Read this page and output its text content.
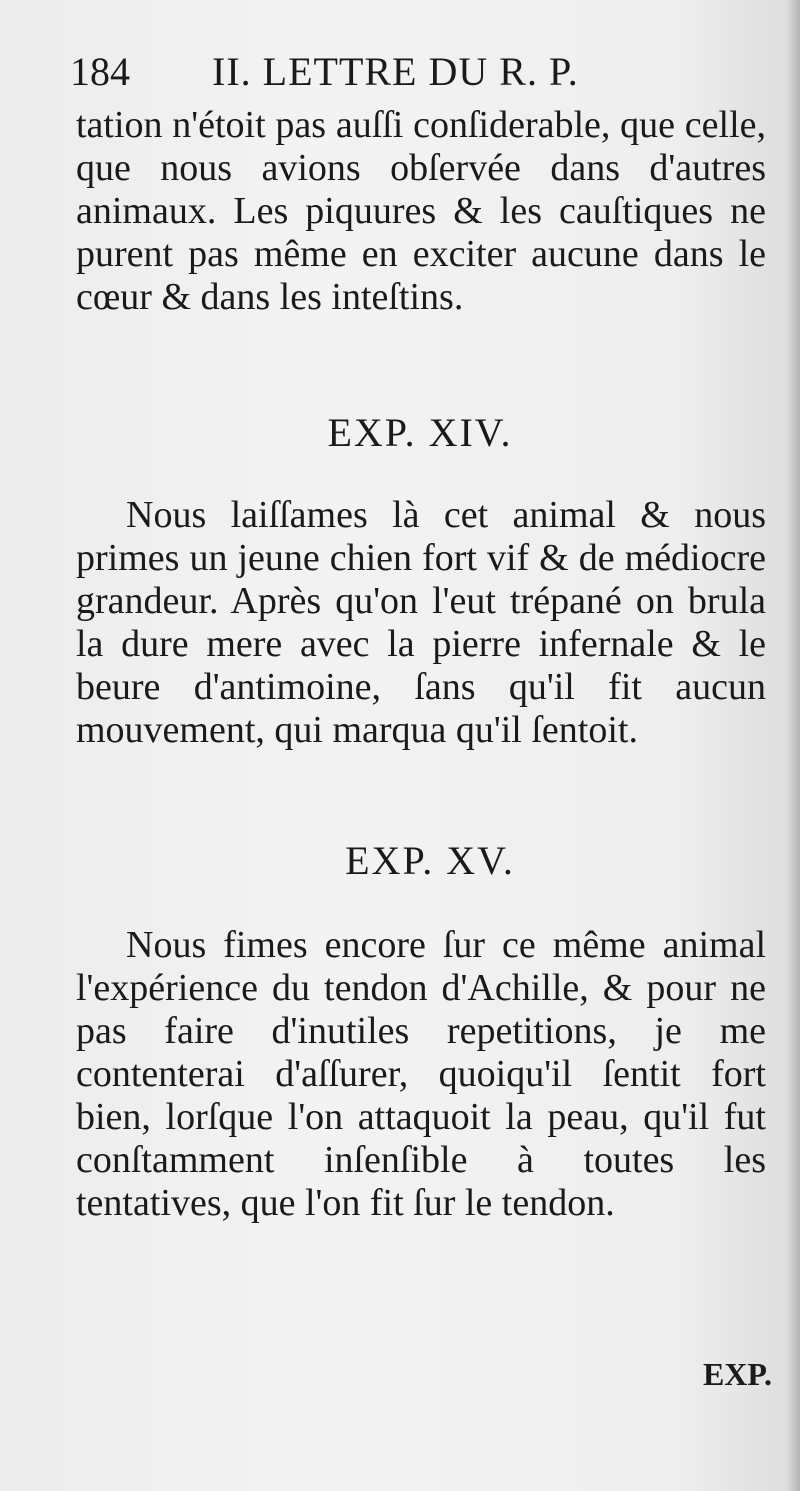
184 II. LETTRE DU R. P.
tation n'étoit pas auſſi conſiderable, que celle, que nous avions obſervée dans d'autres animaux. Les piquures & les cauſtiques ne purent pas même en exciter aucune dans le cœur & dans les inteſtins.
EXP. XIV.
Nous laiſſames là cet animal & nous primes un jeune chien fort vif & de médiocre grandeur. Après qu'on l'eut trépané on brula la dure mere avec la pierre infernale & le beure d'antimoine, ſans qu'il fit aucun mouvement, qui marqua qu'il ſentoit.
EXP. XV.
Nous fimes encore ſur ce même animal l'expérience du tendon d'Achille, & pour ne pas faire d'inutiles repetitions, je me contenterai d'aſſurer, quoiqu'il ſentit fort bien, lorſque l'on attaquoit la peau, qu'il fut conſtamment inſenſible à toutes les tentatives, que l'on fit ſur le tendon.
EXP.
